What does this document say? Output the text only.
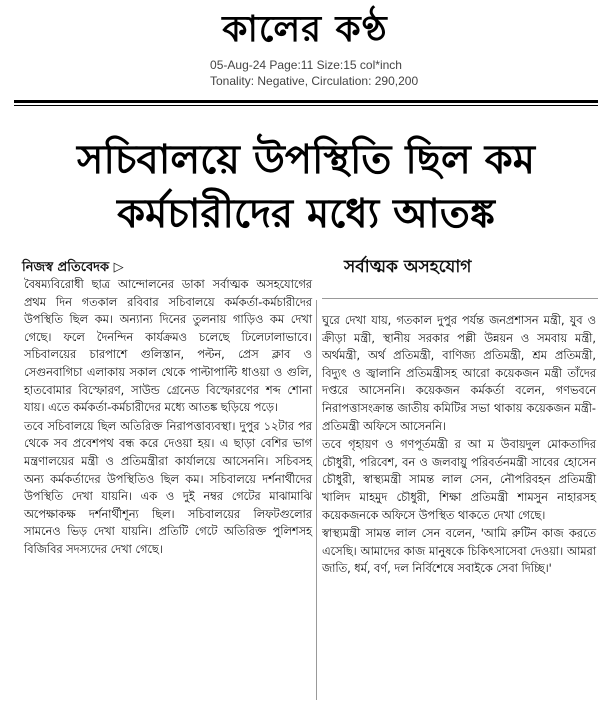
কালের কণ্ঠ
05-Aug-24 Page:11 Size:15 col*inch
Tonality: Negative, Circulation: 290,200
সচিবালয়ে উপস্থিতি ছিল কম
কর্মচারীদের মধ্যে আতঙ্ক
নিজস্ব প্রতিবেদক ▷	সর্বাত্মক অসহযোগ

বৈষম্যবিরোধী ছাত্র আন্দোলনের ডাকা সর্বাত্মক অসহযোগের প্রথম দিন গতকাল রবিবার সচিবালয়ে কর্মকর্তা-কর্মচারীদের উপস্থিতি ছিল কম। অন্যান্য দিনের তুলনায় গাড়িও কম দেখা গেছে। ফলে দৈনন্দিন কার্যক্রমও চলেছে ঢিলেঢালাভাবে। সচিবালয়ের চারপাশে গুলিস্তান, পল্টন, প্রেস ক্লাব ও সেগুনবাগিচা এলাকায় সকাল থেকে পাল্টাপাল্টি ধাওয়া ও গুলি, হাতবোমার বিস্ফোরণ, সাউন্ড গ্রেনেড বিস্ফোরণের শব্দ শোনা যায়। এতে কর্মকর্তা-কর্মচারীদের মধ্যে আতঙ্ক ছড়িয়ে পড়ে।

তবে সচিবালয়ে ছিল অতিরিক্ত নিরাপত্তাব্যবস্থা। দুপুর ১২টার পর থেকে সব প্রবেশপথ বন্ধ করে দেওয়া হয়। এ ছাড়া বেশির ভাগ মন্ত্রণালয়ের মন্ত্রী ও প্রতিমন্ত্রীরা কার্যালয়ে আসেননি। সচিবসহ অন্য কর্মকর্তাদের উপস্থিতিও ছিল কম। সচিবালয়ে দর্শনার্থীদের উপস্থিতি দেখা যায়নি। এক ও দুই নম্বর গেটের মাঝামাঝি অপেক্ষাকক্ষ দর্শনার্থীশূন্য ছিল। সচিবালয়ের লিফটগুলোর সামনেও ভিড় দেখা যায়নি। প্রতিটি গেটে অতিরিক্ত পুলিশসহ বিজিবির সদস্যদের দেখা গেছে।

ঘুরে দেখা যায়, গতকাল দুপুর পর্যন্ত জনপ্রশাসন মন্ত্রী, যুব ও ক্রীড়া মন্ত্রী, স্থানীয় সরকার পল্লী উন্নয়ন ও সমবায় মন্ত্রী, অর্থমন্ত্রী, অর্থ প্রতিমন্ত্রী, বাণিজ্য প্রতিমন্ত্রী, শ্রম প্রতিমন্ত্রী, বিদ্যুৎ ও জ্বালানি প্রতিমন্ত্রীসহ আরো কয়েকজন মন্ত্রী তাঁদের দপ্তরে আসেননি। কয়েকজন কর্মকর্তা বলেন, গণভবনে নিরাপত্তাসংক্রান্ত জাতীয় কমিটির সভা থাকায় কয়েকজন মন্ত্রী-প্রতিমন্ত্রী অফিসে আসেননি।

তবে গৃহায়ণ ও গণপূর্তমন্ত্রী র আ ম উবায়দুল মোকতাদির চৌধুরী, পরিবেশ, বন ও জলবায়ু পরিবর্তনমন্ত্রী সাবের হোসেন চৌধুরী, স্বাস্থ্যমন্ত্রী সামন্ত লাল সেন, নৌপরিবহন প্রতিমন্ত্রী খালিদ মাহমুদ চৌধুরী, শিক্ষা প্রতিমন্ত্রী শামসুন নাহারসহ কয়েকজনকে অফিসে উপস্থিত থাকতে দেখা গেছে।

স্বাস্থ্যমন্ত্রী সামন্ত লাল সেন বলেন, 'আমি রুটিন কাজ করতে এসেছি। আমাদের কাজ মানুষকে চিকিৎসাসেবা দেওয়া। আমরা জাতি, ধর্ম, বর্ণ, দল নির্বিশেষে সবাইকে সেবা দিচ্ছি।'
